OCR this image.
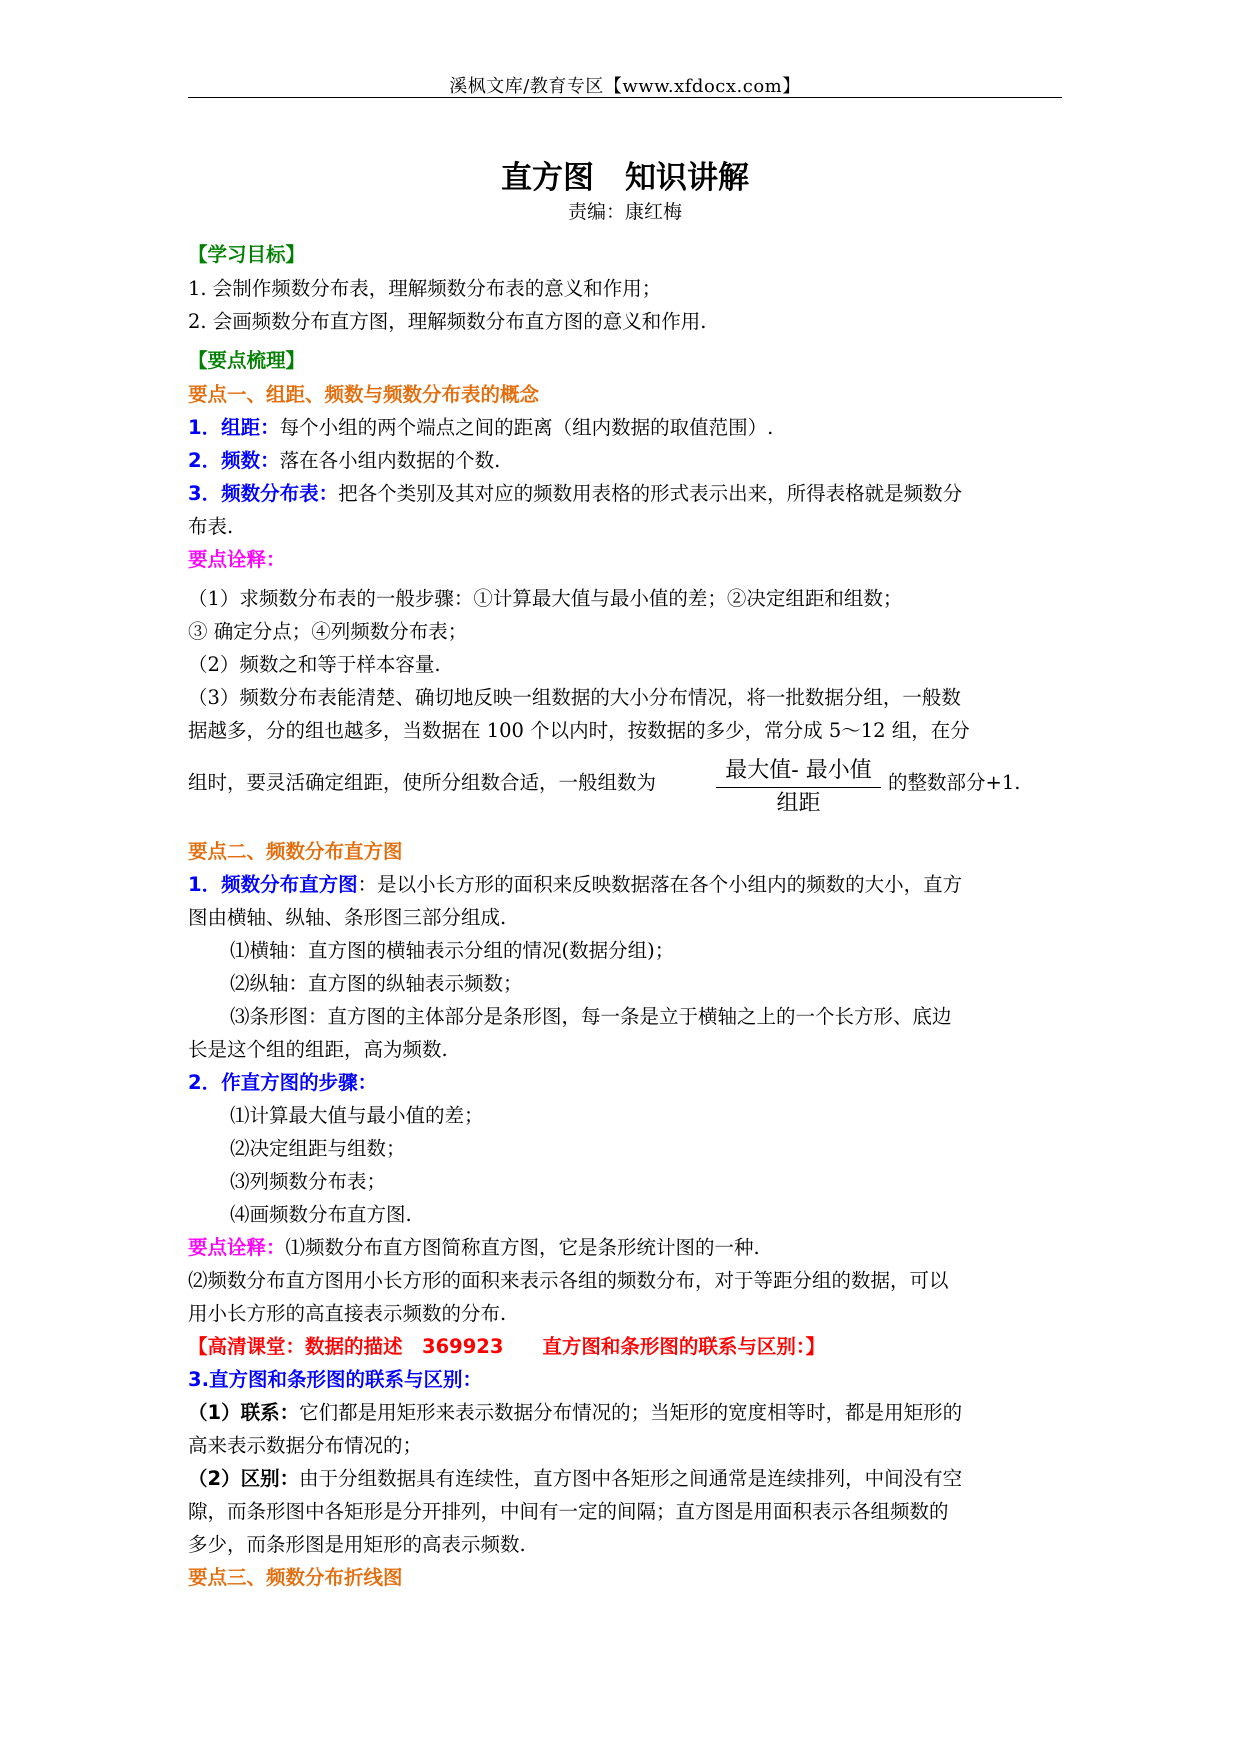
溪枫文库/教育专区【www.xfdocx.com】
直方图　知识讲解
责编：康红梅
【学习目标】
1. 会制作频数分布表，理解频数分布表的意义和作用；
2. 会画频数分布直方图，理解频数分布直方图的意义和作用.
【要点梳理】
要点一、组距、频数与频数分布表的概念
1．组距：每个小组的两个端点之间的距离（组内数据的取值范围）.
2．频数：落在各小组内数据的个数.
3．频数分布表：把各个类别及其对应的频数用表格的形式表示出来，所得表格就是频数分
布表.
要点诠释：
（1）求频数分布表的一般步骤：①计算最大值与最小值的差；②决定组距和组数；
③ 确定分点；④列频数分布表；
（2）频数之和等于样本容量.
（3）频数分布表能清楚、确切地反映一组数据的大小分布情况，将一批数据分组，一般数
据越多，分的组也越多，当数据在 100 个以内时，按数据的多少，常分成 5～12 组，在分
组时，要灵活确定组距，使所分组数合适，一般组数为	最大值- 最小值
组距
的整数部分+1.
要点二、频数分布直方图
1．频数分布直方图：是以小长方形的面积来反映数据落在各个小组内的频数的大小，直方
图由横轴、纵轴、条形图三部分组成.
⑴横轴：直方图的横轴表示分组的情况(数据分组)；
⑵纵轴：直方图的纵轴表示频数；
⑶条形图：直方图的主体部分是条形图，每一条是立于横轴之上的一个长方形、底边
长是这个组的组距，高为频数.
2．作直方图的步骤：
⑴计算最大值与最小值的差；
⑵决定组距与组数；
⑶列频数分布表；
⑷画频数分布直方图.
要点诠释：⑴频数分布直方图简称直方图，它是条形统计图的一种.
⑵频数分布直方图用小长方形的面积来表示各组的频数分布，对于等距分组的数据，可以
用小长方形的高直接表示频数的分布.
【高清课堂：数据的描述　369923　　直方图和条形图的联系与区别：】
3.直方图和条形图的联系与区别：
（1）联系：它们都是用矩形来表示数据分布情况的；当矩形的宽度相等时，都是用矩形的
高来表示数据分布情况的；
（2）区别：由于分组数据具有连续性，直方图中各矩形之间通常是连续排列，中间没有空
隙，而条形图中各矩形是分开排列，中间有一定的间隔；直方图是用面积表示各组频数的
多少，而条形图是用矩形的高表示频数.
要点三、频数分布折线图
